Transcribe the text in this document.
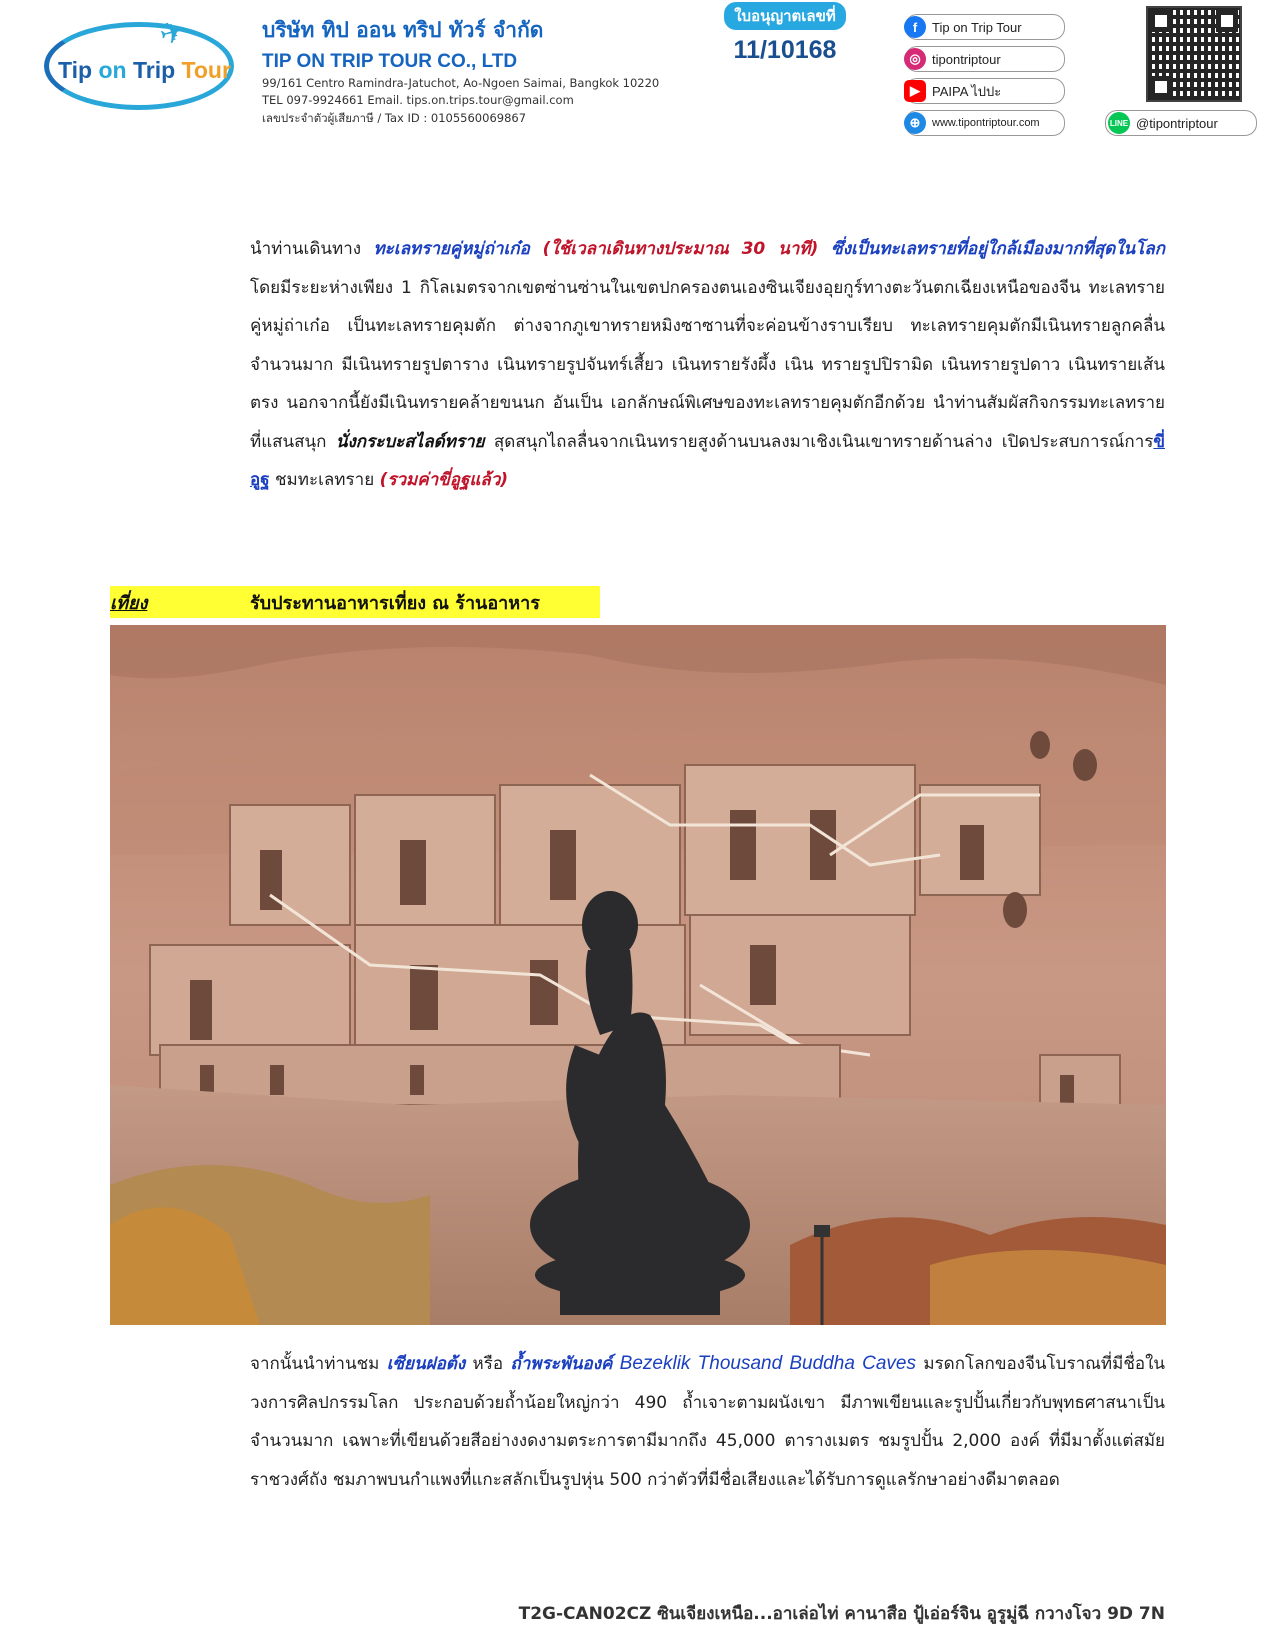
✈
Tip on Trip Tour
บริษัท ทิป ออน ทริป ทัวร์ จำกัด
TIP ON TRIP TOUR CO., LTD
99/161 Centro Ramindra-Jatuchot, Ao-Ngoen Saimai, Bangkok 10220
TEL 097-9924661 Email. tips.on.trips.tour@gmail.com
เลขประจำตัวผู้เสียภาษี / Tax ID : 0105560069867
ใบอนุญาตเลขที่
11/10168
f	Tip on Trip Tour
◎ tipontriptour
▶ PAIPA ไปปะ
⊕	www.tipontriptour.com	LINE @tipontriptour
นำท่านเดินทาง ทะเลทรายคู่หมู่ถ่าเก๋อ (ใช้เวลาเดินทางประมาณ 30 นาที) ซึ่งเป็นทะเลทรายที่อยู่ใกล้เมืองมากที่สุดในโลก โดยมีระยะห่างเพียง 1 กิโลเมตรจากเขตซ่านซ่านในเขตปกครองตนเองซินเจียงอุยกูร์ทางตะวันตกเฉียงเหนือของจีน ทะเลทรายคู่หมู่ถ่าเก๋อ เป็นทะเลทรายคุมตัก ต่างจากภูเขาทรายหมิงซาซานที่จะค่อนข้างราบเรียบ ทะเลทรายคุมตักมีเนินทรายลูกคลื่นจำนวนมาก มีเนินทรายรูปตาราง เนินทรายรูปจันทร์เสี้ยว เนินทรายรังผึ้ง เนิน ทรายรูปปิรามิด เนินทรายรูปดาว เนินทรายเส้นตรง นอกจากนี้ยังมีเนินทรายคล้ายขนนก อันเป็น เอกลักษณ์พิเศษของทะเลทรายคุมตักอีกด้วย นำท่านสัมผัสกิจกรรมทะเลทรายที่แสนสนุก นั่งกระบะสไลด์ทราย สุดสนุกไถลลื่นจากเนินทรายสูงด้านบนลงมาเชิงเนินเขาทรายด้านล่าง เปิดประสบการณ์การขี่อูฐ ชมทะเลทราย (รวมค่าขี่อูฐแล้ว)
เที่ยง	รับประทานอาหารเที่ยง ณ ร้านอาหาร
จากนั้นนำท่านชม เซียนฝอต้ง หรือ ถ้ำพระพันองค์ Bezeklik Thousand Buddha Caves มรดกโลกของจีนโบราณที่มีชื่อในวงการศิลปกรรมโลก ประกอบด้วยถ้ำน้อยใหญ่กว่า 490 ถ้ำเจาะตามผนังเขา มีภาพเขียนและรูปปั้นเกี่ยวกับพุทธศาสนาเป็นจำนวนมาก เฉพาะที่เขียนด้วยสีอย่างงดงามตระการตามีมากถึง 45,000 ตารางเมตร ชมรูปปั้น 2,000 องค์ ที่มีมาตั้งแต่สมัยราชวงศ์ถัง ชมภาพบนกำแพงที่แกะสลักเป็นรูปหุ่น 500 กว่าตัวที่มีชื่อเสียงและได้รับการดูแลรักษาอย่างดีมาตลอด
T2G-CAN02CZ ซินเจียงเหนือ...อาเล่อไท่ คานาสือ ปู้เอ่อร์จิน อูรูมู่ฉี กวางโจว 9D 7N
